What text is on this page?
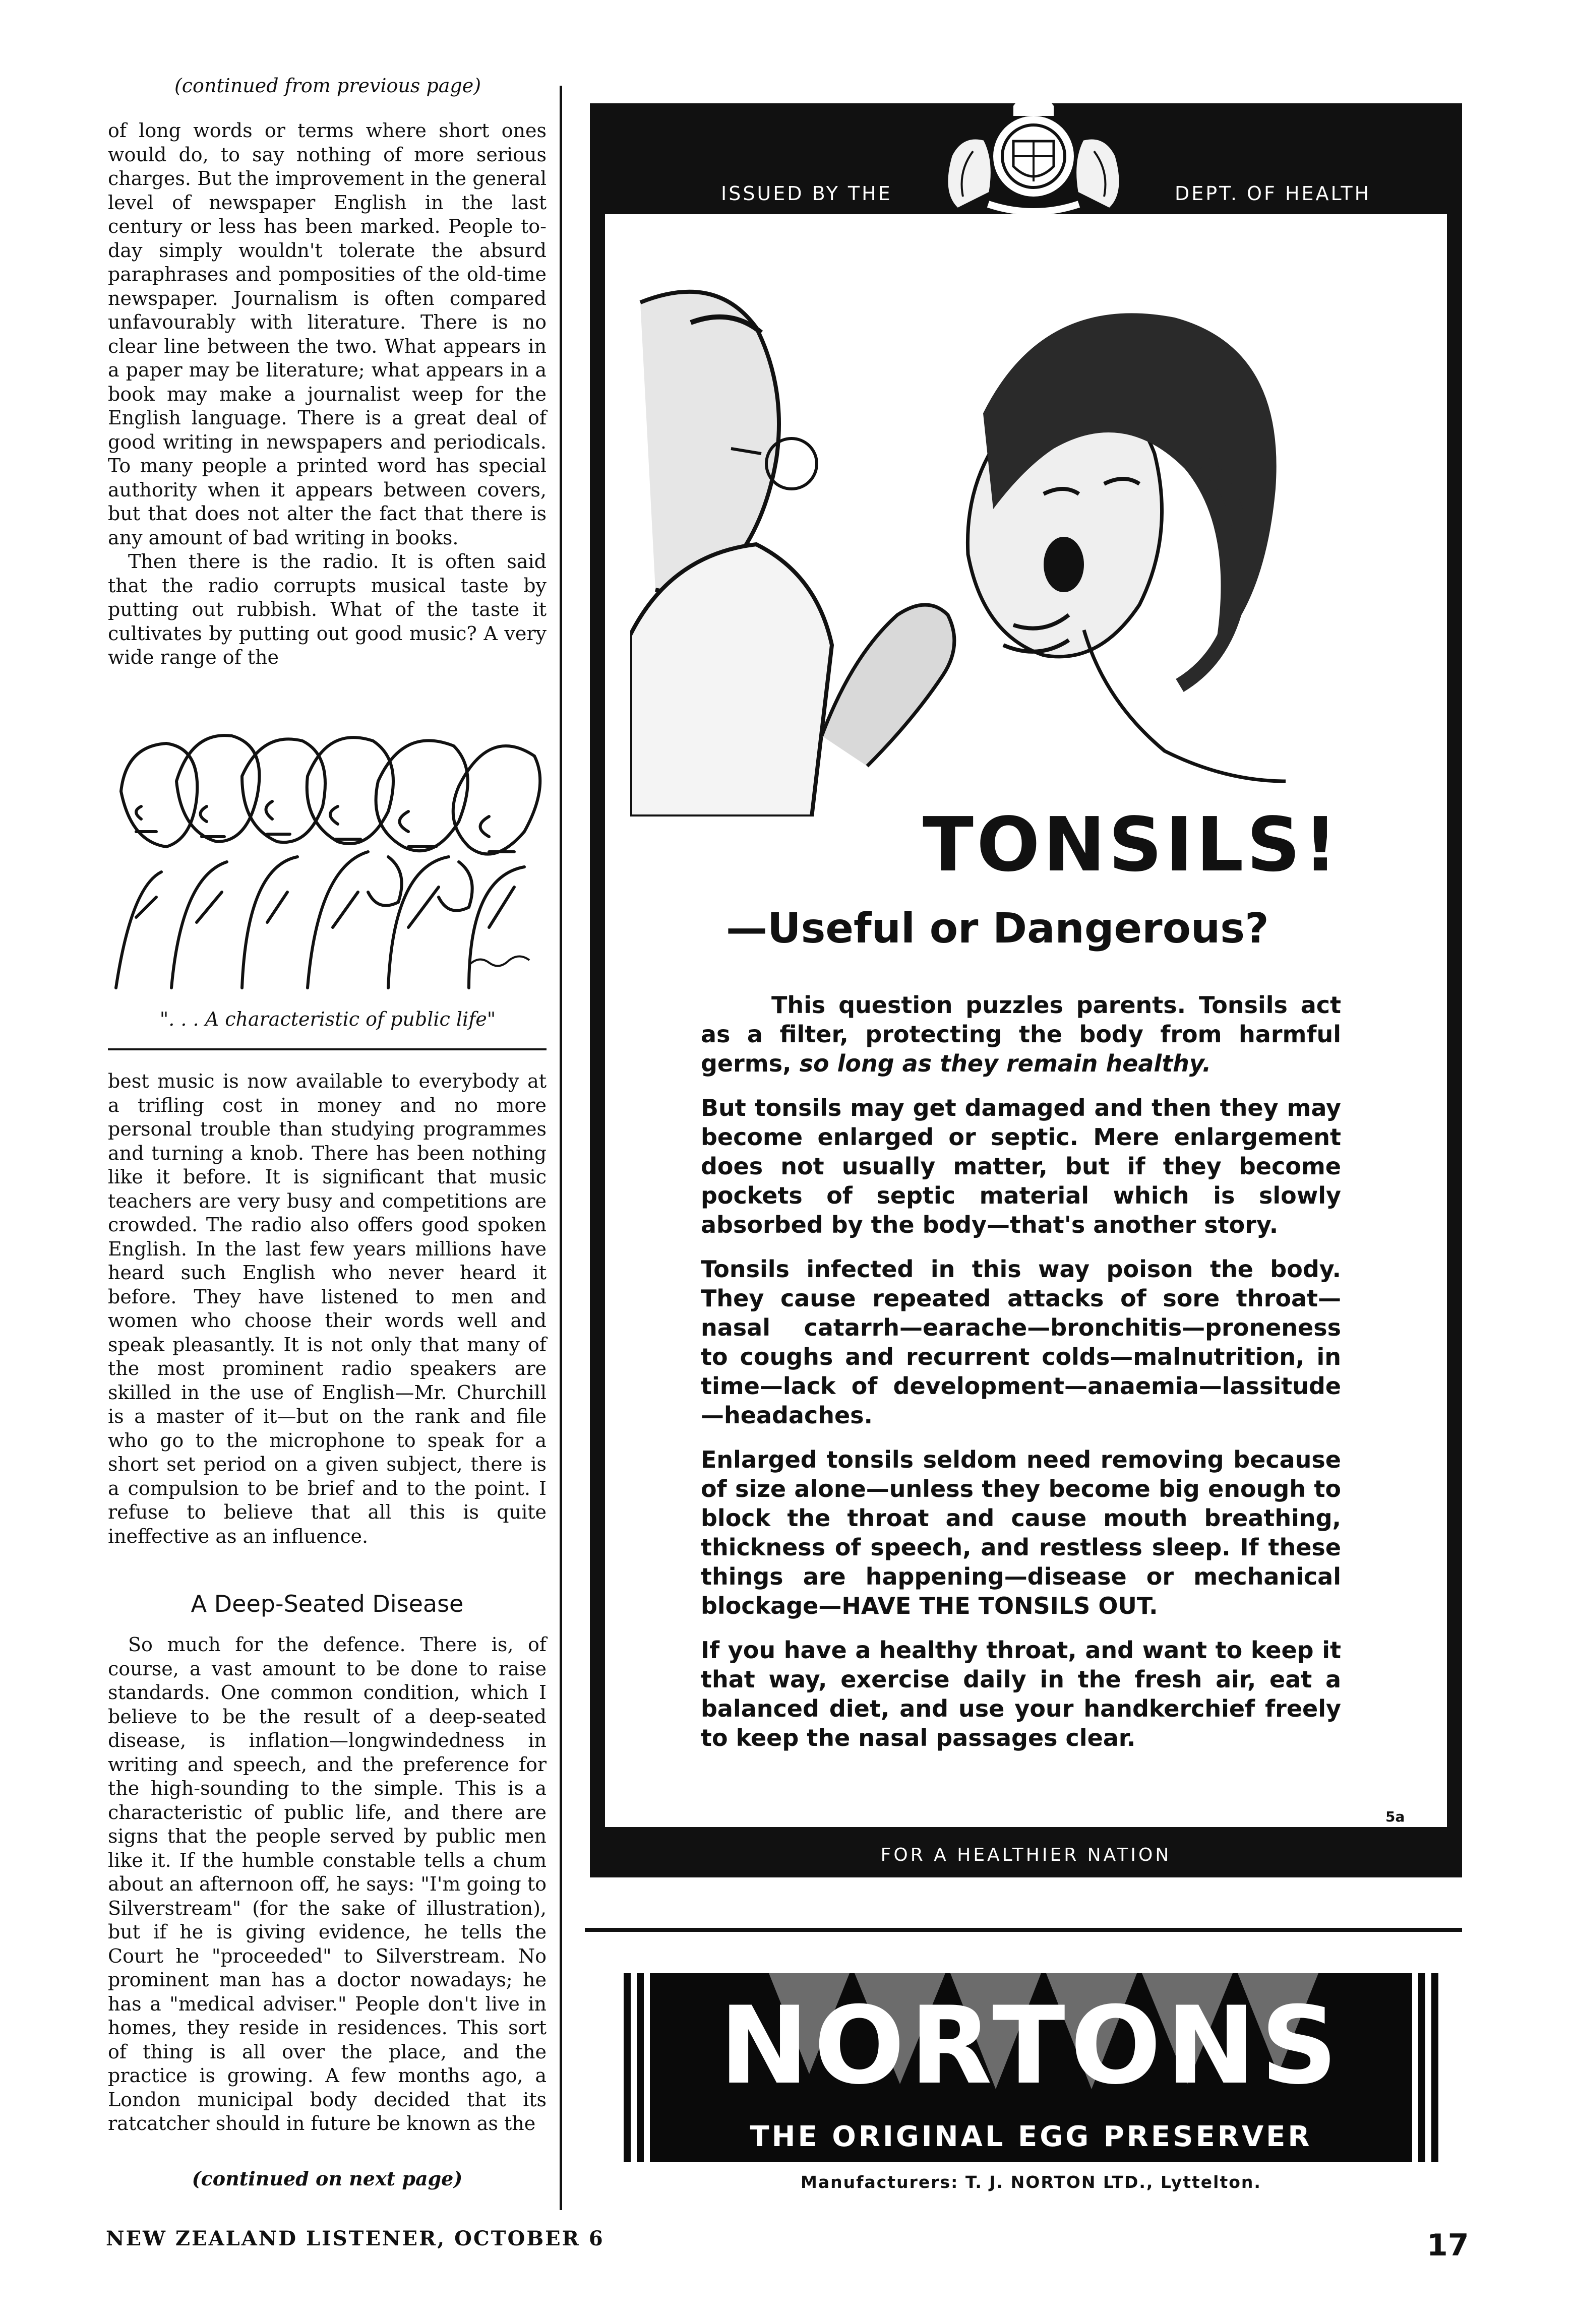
(continued from previous page)

of long words or terms where short ones would do, to say nothing of more serious charges. But the improvement in the general level of newspaper English in the last century or less has been marked. People to-day simply wouldn't tolerate the absurd paraphrases and pomposities of the old-time newspaper. Journalism is often compared unfavourably with literature. There is no clear line between the two. What appears in a paper may be literature; what appears in a book may make a journalist weep for the English language. There is a great deal of good writing in newspapers and periodicals. To many people a printed word has special authority when it appears between covers, but that does not alter the fact that there is any amount of bad writing in books.

Then there is the radio. It is often said that the radio corrupts musical taste by putting out rubbish. What of the taste it cultivates by putting out good music? A very wide range of the

". . . A characteristic of public life"

best music is now available to everybody at a trifling cost in money and no more personal trouble than studying programmes and turning a knob. There has been nothing like it before. It is significant that music teachers are very busy and competitions are crowded. The radio also offers good spoken English. In the last few years millions have heard such English who never heard it before. They have listened to men and women who choose their words well and speak pleasantly. It is not only that many of the most prominent radio speakers are skilled in the use of English—Mr. Churchill is a master of it—but on the rank and file who go to the microphone to speak for a short set period on a given subject, there is a compulsion to be brief and to the point. I refuse to believe that all this is quite ineffective as an influence.

A Deep-Seated Disease

So much for the defence. There is, of course, a vast amount to be done to raise standards. One common condition, which I believe to be the result of a deep-seated disease, is inflation—longwindedness in writing and speech, and the preference for the high-sounding to the simple. This is a characteristic of public life, and there are signs that the people served by public men like it. If the humble constable tells a chum about an afternoon off, he says: "I'm going to Silverstream" (for the sake of illustration), but if he is giving evidence, he tells the Court he "proceeded" to Silverstream. No prominent man has a doctor nowadays; he has a "medical adviser." People don't live in homes, they reside in residences. This sort of thing is all over the place, and the practice is growing. A few months ago, a London municipal body decided that its ratcatcher should in future be known as the

(continued on next page)
ISSUED BY THE	DEPT. OF HEALTH
TONSILS!
—Useful or Dangerous?

This question puzzles parents. Tonsils act as a filter, protecting the body from harmful germs, so long as they remain healthy.

But tonsils may get damaged and then they may become enlarged or septic. Mere enlargement does not usually matter, but if they become pockets of septic material which is slowly absorbed by the body—that's another story.

Tonsils infected in this way poison the body. They cause repeated attacks of sore throat—nasal catarrh—earache—bronchitis—proneness to coughs and recurrent colds—malnutrition, in time—lack of development—anaemia—lassitude—headaches.

Enlarged tonsils seldom need removing because of size alone—unless they become big enough to block the throat and cause mouth breathing, thickness of speech, and restless sleep. If these things are happening—disease or mechanical blockage—HAVE THE TONSILS OUT.

If you have a healthy throat, and want to keep it that way, exercise daily in the fresh air, eat a balanced diet, and use your handkerchief freely to keep the nasal passages clear.

5a
FOR A HEALTHIER NATION
NORTONS
THE ORIGINAL EGG PRESERVER
Manufacturers: T. J. NORTON LTD., Lyttelton.
NEW ZEALAND LISTENER, OCTOBER 6	17
